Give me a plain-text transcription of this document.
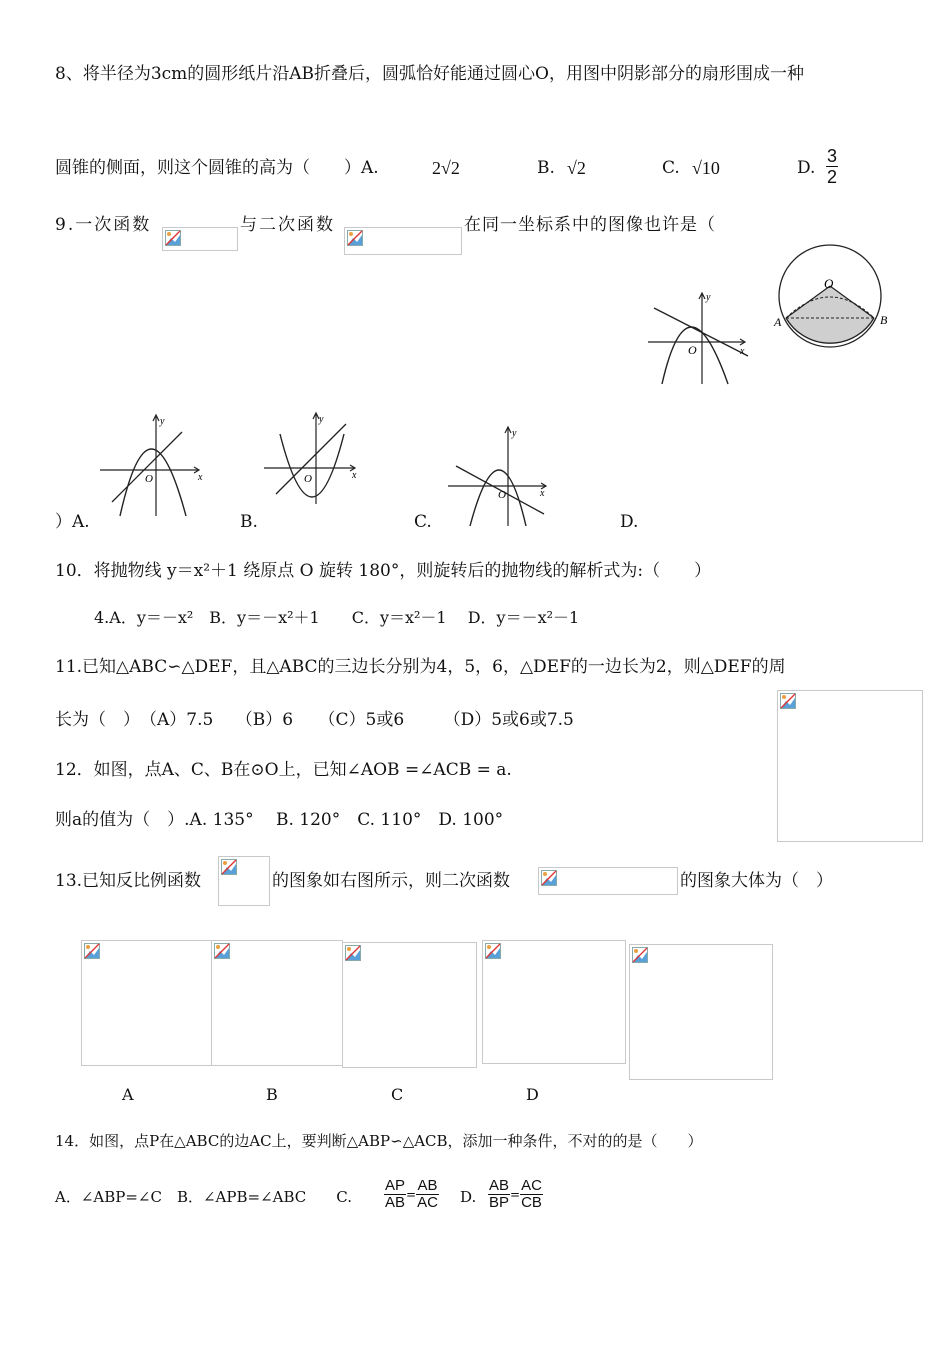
8、将半径为3cm的圆形纸片沿AB折叠后，圆弧恰好能通过圆心O，用图中阴影部分的扇形围成一种
圆锥的侧面，则这个圆锥的高为（　　）A.	2√2	B. √2	C. √10	D. $\frac{3}{2}$
9.一次函数	与二次函数	在同一坐标系中的图像也许是（
O
y
x
O
A	B
O
y
x	O
y
x
O
y
x
）A.	B.	C.	D.
10．将抛物线 y＝x²＋1 绕原点 O 旋转 180°，则旋转后的抛物线的解析式为:（　　）
4.A．y＝－x²　B．y＝－x²＋1　　C．y＝x²－1　 D．y＝－x²－1
11.已知△ABC∽△DEF，且△ABC的三边长分别为4，5，6，△DEF的一边长为2，则△DEF的周
长为（　）　（A）7.5　 （B）6　　（C）5或6　　 （D）5或6或7.5
12．如图，点A、C、B在⊙O上，已知∠AOB =∠ACB = a.
则a的值为（　）.A. 135°　 B. 120°　C. 110°　D. 100°
13.已知反比例函数	的图象如右图所示，则二次函数	的图象大体为（　）
A	B	C	D
14．如图，点P在△ABC的边AC上，要判断△ABP∽△ACB，添加一种条件，不对的的是（　　）
A．∠ABP=∠C　B．∠APB=∠ABC　　C. $\frac{AP}{AB} = \frac{AB}{AC} D$. $\frac{AB}{BP} = \frac{AC}{CB}$
